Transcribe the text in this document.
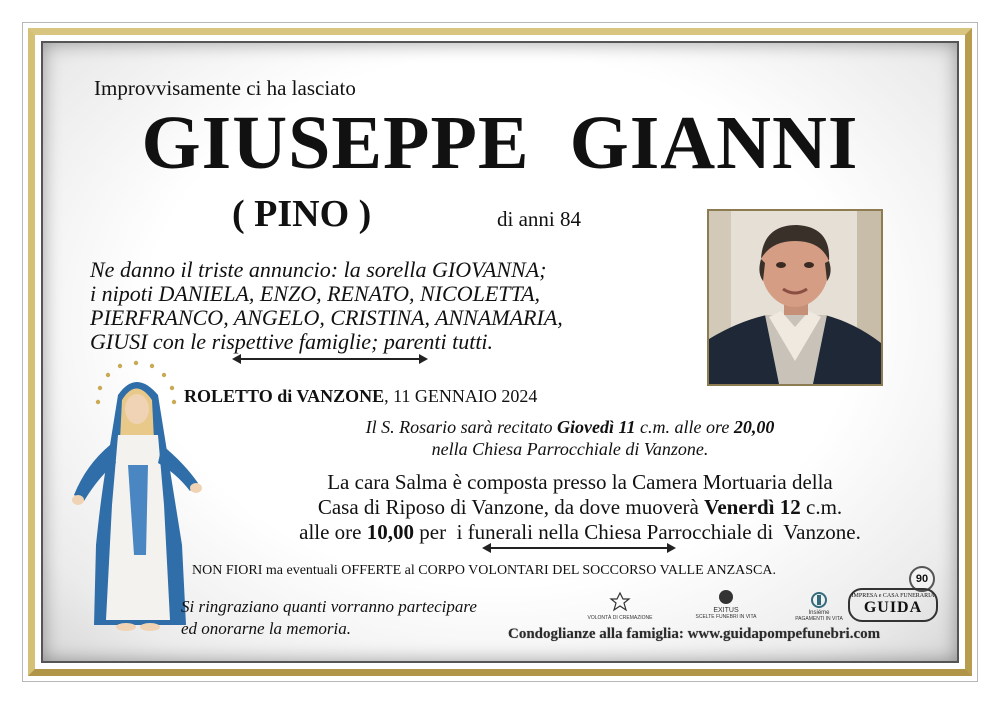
Improvvisamente ci ha lasciato
GIUSEPPE  GIANNI
( PINO )	di anni 84
Ne danno il triste annuncio: la sorella GIOVANNA;
i nipoti DANIELA, ENZO, RENATO, NICOLETTA,
PIERFRANCO, ANGELO, CRISTINA, ANNAMARIA,
GIUSI con le rispettive famiglie; parenti tutti.
ROLETTO di VANZONE, 11 GENNAIO 2024
Il S. Rosario sarà recitato Giovedì 11 c.m. alle ore 20,00
nella Chiesa Parrocchiale di Vanzone.
La cara Salma è composta presso la Camera Mortuaria della
Casa di Riposo di Vanzone, da dove muoverà Venerdì 12 c.m.
alle ore 10,00 per  i funerali nella Chiesa Parrocchiale di  Vanzone.
NON FIORI ma eventuali OFFERTE al CORPO VOLONTARI DEL SOCCORSO VALLE ANZASCA.
Si ringraziano quanti vorranno partecipare
ed onorarne la memoria.
VOLONTÀ DI CREMAZIONE
EXITUS
SCELTE FUNEBRI IN VITA
Insiéme
PAGAMENTI IN VITA
90
IMPRESA e CASA FUNERARIA
GUIDA
Condoglianze alla famiglia: www.guidapompefunebri.com
